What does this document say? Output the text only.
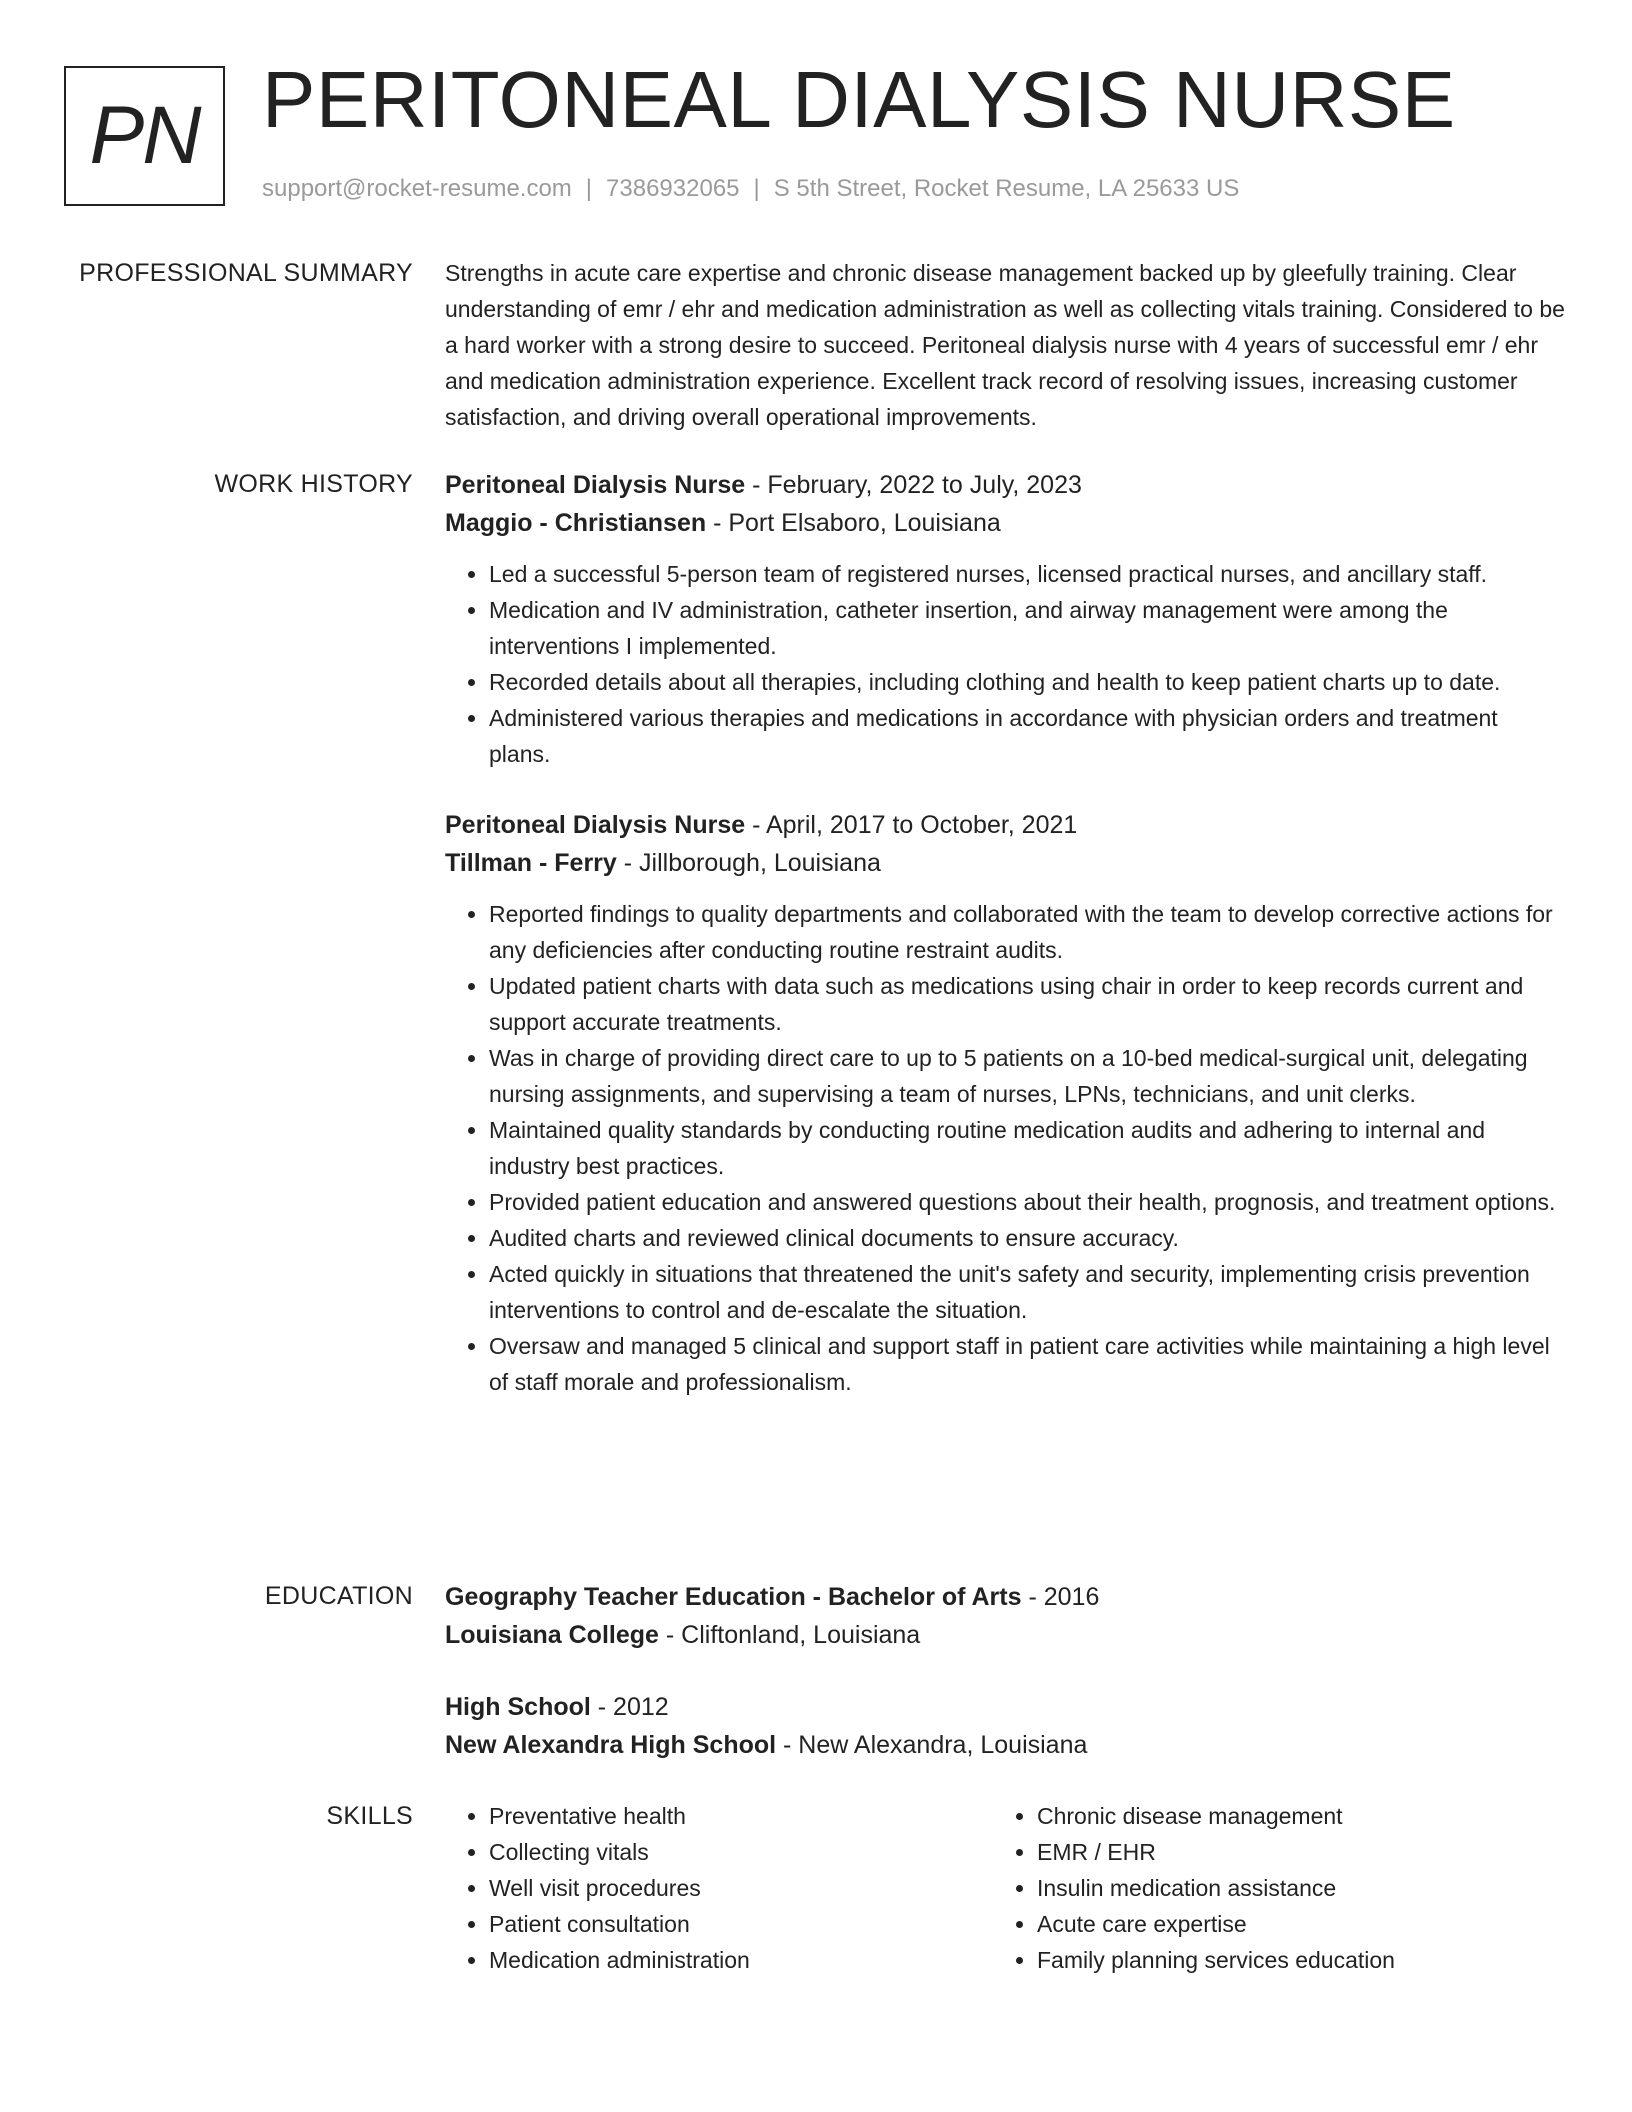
PN PERITONEAL DIALYSIS NURSE
support@rocket-resume.com | 7386932065 | S 5th Street, Rocket Resume, LA 25633 US
PROFESSIONAL SUMMARY Strengths in acute care expertise and chronic disease management backed up by gleefully training. Clear understanding of emr / ehr and medication administration as well as collecting vitals training. Considered to be a hard worker with a strong desire to succeed. Peritoneal dialysis nurse with 4 years of successful emr / ehr and medication administration experience. Excellent track record of resolving issues, increasing customer satisfaction, and driving overall operational improvements.

WORK HISTORY Peritoneal Dialysis Nurse - February, 2022 to July, 2023
Maggio - Christiansen - Port Elsaboro, Louisiana
• Led a successful 5-person team of registered nurses, licensed practical nurses, and ancillary staff.
• Medication and IV administration, catheter insertion, and airway management were among the interventions I implemented.
• Recorded details about all therapies, including clothing and health to keep patient charts up to date.
• Administered various therapies and medications in accordance with physician orders and treatment plans.
Peritoneal Dialysis Nurse - April, 2017 to October, 2021
Tillman - Ferry - Jillborough, Louisiana
• Reported findings to quality departments and collaborated with the team to develop corrective actions for any deficiencies after conducting routine restraint audits.
• Updated patient charts with data such as medications using chair in order to keep records current and support accurate treatments.
• Was in charge of providing direct care to up to 5 patients on a 10-bed medical-surgical unit, delegating nursing assignments, and supervising a team of nurses, LPNs, technicians, and unit clerks.
• Maintained quality standards by conducting routine medication audits and adhering to internal and industry best practices.
• Provided patient education and answered questions about their health, prognosis, and treatment options.
• Audited charts and reviewed clinical documents to ensure accuracy.
• Acted quickly in situations that threatened the unit's safety and security, implementing crisis prevention interventions to control and de-escalate the situation.
• Oversaw and managed 5 clinical and support staff in patient care activities while maintaining a high level of staff morale and professionalism.
EDUCATION Geography Teacher Education - Bachelor of Arts - 2016
Louisiana College - Cliftonland, Louisiana
High School - 2012
New Alexandra High School - New Alexandra, Louisiana
SKILLS
•	Preventative health
• Collecting vitals
• Well visit procedures
• Patient consultation
• Medication administration
• Chronic disease management
• EMR / EHR
• Insulin medication assistance
• Acute care expertise
• Family planning services education
